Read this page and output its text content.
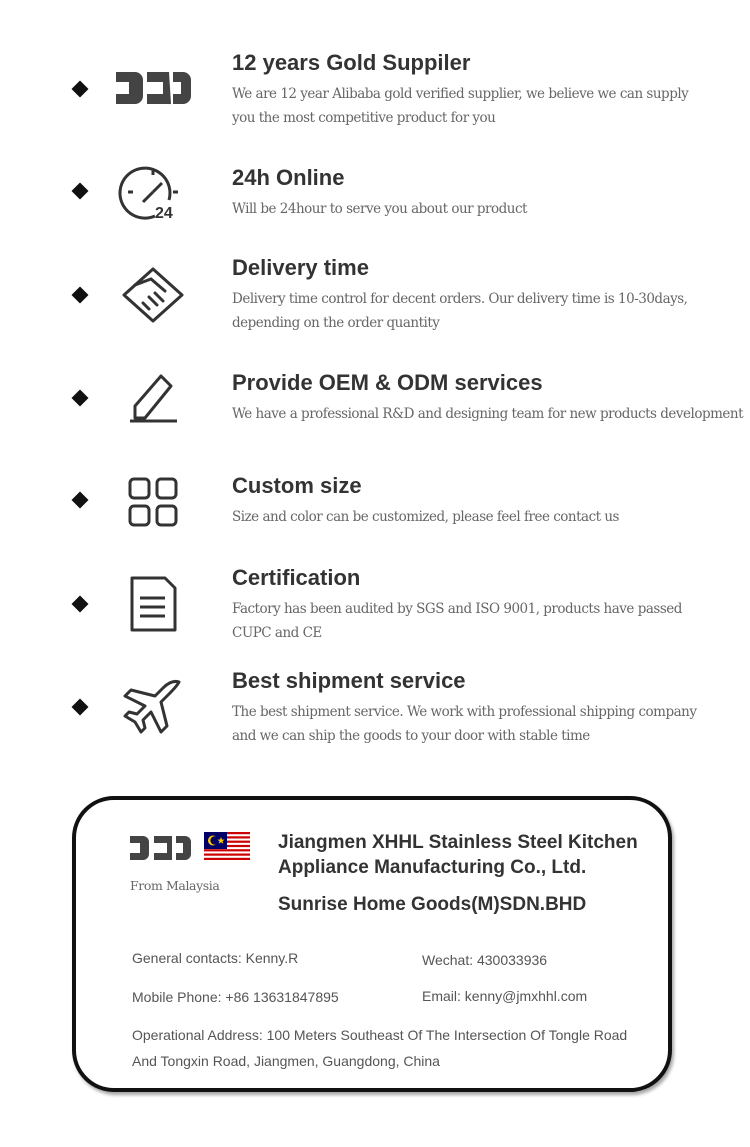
12 years Gold Suppiler
We are 12 year Alibaba gold verified supplier, we believe we can supply you the most competitive product for you
24
24h Online
Will be 24hour to serve you about our product
Delivery time
Delivery time control for decent orders. Our delivery time is 10-30days, depending on the order quantity
Provide OEM & ODM services
We have a professional R&D and designing team for new products development
Custom size
Size and color can be customized, please feel free contact us
Certification
Factory has been audited by SGS and ISO 9001, products have passed CUPC and CE
Best shipment service
The best shipment service. We work with professional shipping company and we can ship the goods to your door with stable time
From Malaysia
Jiangmen XHHL Stainless Steel Kitchen Appliance Manufacturing Co., Ltd.
Sunrise Home Goods(M)SDN.BHD
General contacts: Kenny.R	Wechat: 430033936
Mobile Phone: +86 13631847895	Email: kenny@jmxhhl.com
Operational Address: 100 Meters Southeast Of The Intersection Of Tongle Road And Tongxin Road, Jiangmen, Guangdong, China
